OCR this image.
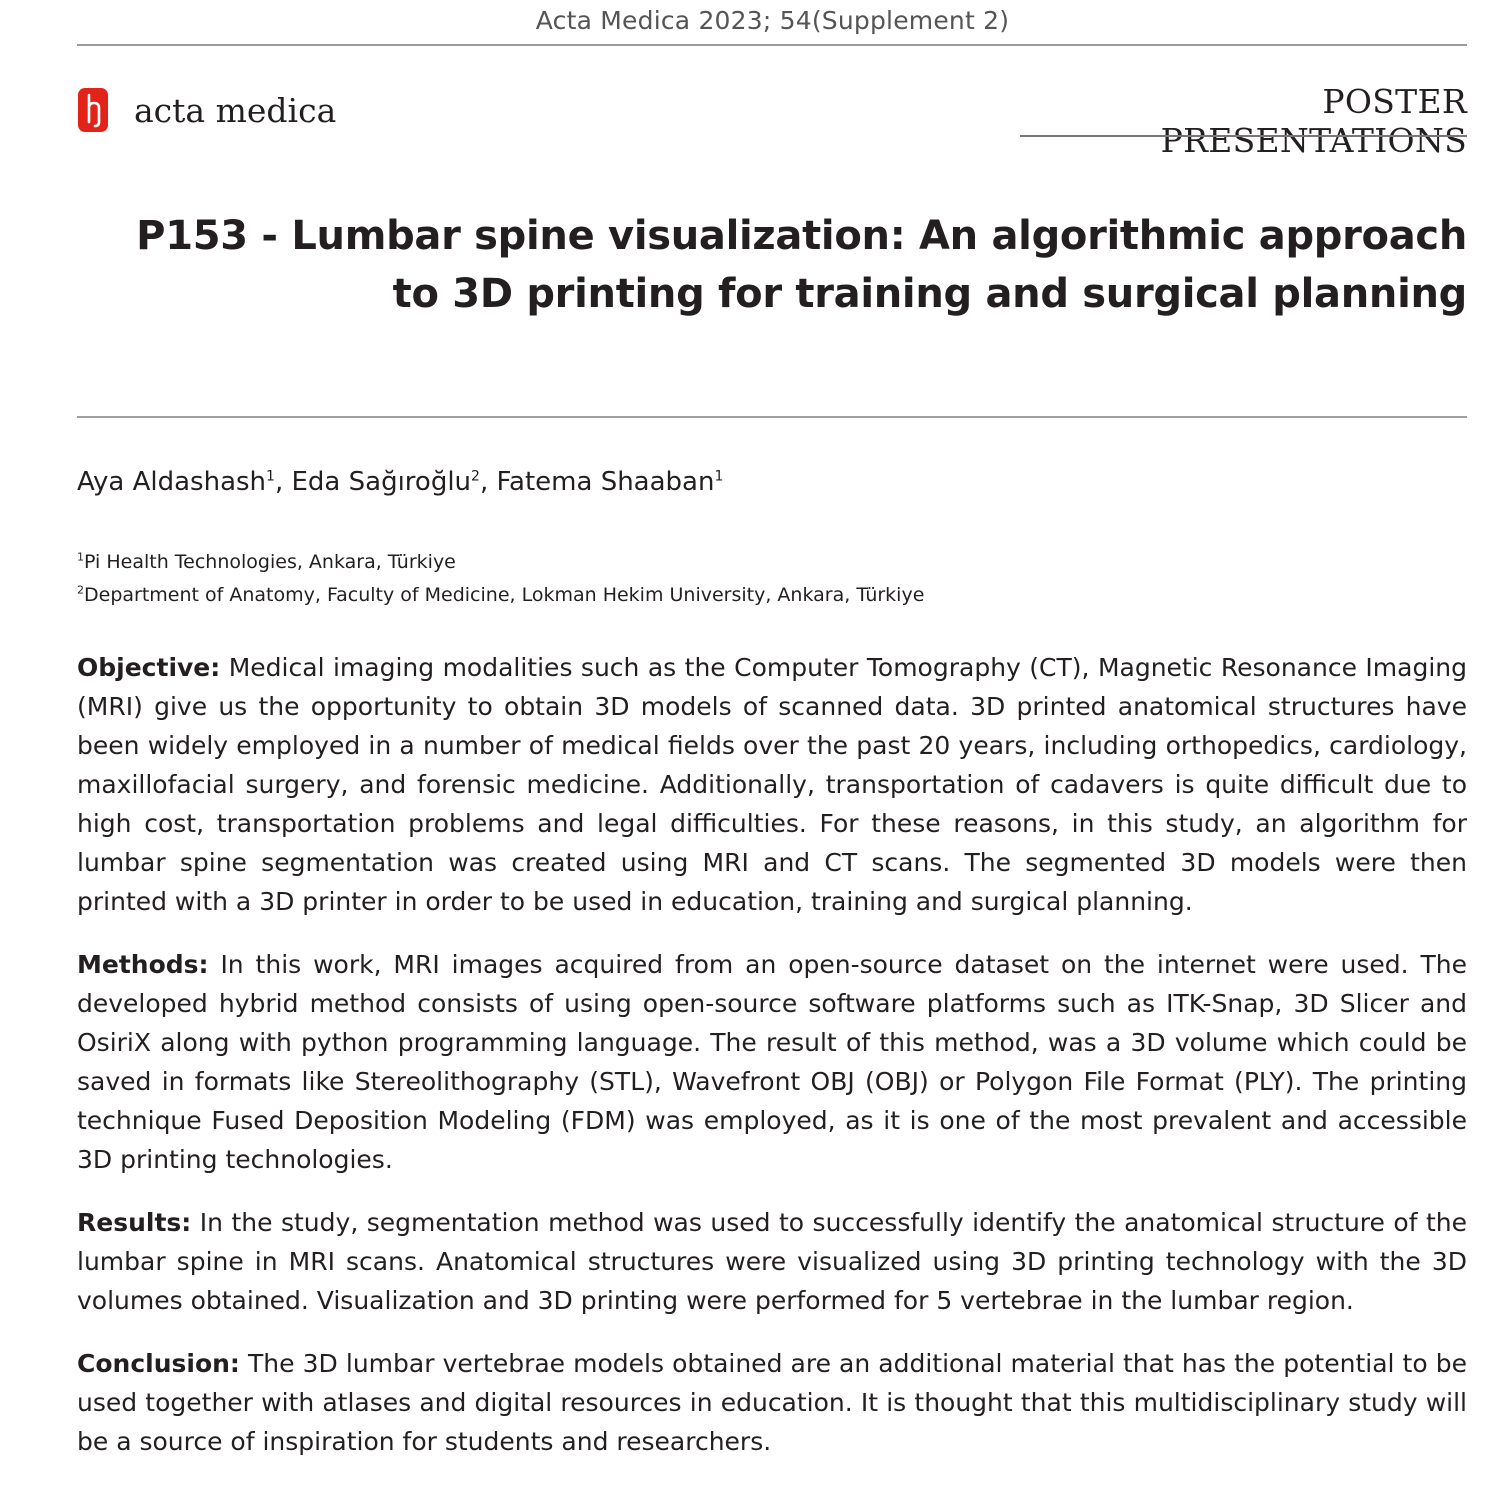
Acta Medica 2023; 54(Supplement 2)
acta medica	POSTER PRESENTATIONS
P153 - Lumbar spine visualization: An algorithmic approach to 3D printing for training and surgical planning
Aya Aldashash$^1$, Eda Sağıroğlu$^2$, Fatema Shaaban$^1$
$^1$Pi Health Technologies, Ankara, Türkiye
$^2$Department of Anatomy, Faculty of Medicine, Lokman Hekim University, Ankara, Türkiye

Objective: Medical imaging modalities such as the Computer Tomography (CT), Magnetic Resonance Imaging (MRI) give us the opportunity to obtain 3D models of scanned data. 3D printed anatomical structures have been widely employed in a number of medical fields over the past 20 years, including orthopedics, cardiology, maxillofacial surgery, and forensic medicine. Additionally, transportation of cadavers is quite difficult due to high cost, transportation problems and legal difficulties. For these reasons, in this study, an algorithm for lumbar spine segmentation was created using MRI and CT scans. The segmented 3D models were then printed with a 3D printer in order to be used in education, training and surgical planning.

Methods: In this work, MRI images acquired from an open-source dataset on the internet were used. The developed hybrid method consists of using open-source software platforms such as ITK-Snap, 3D Slicer and OsiriX along with python programming language. The result of this method, was a 3D volume which could be saved in formats like Stereolithography (STL), Wavefront OBJ (OBJ) or Polygon File Format (PLY). The printing technique Fused Deposition Modeling (FDM) was employed, as it is one of the most prevalent and accessible 3D printing technologies.

Results: In the study, segmentation method was used to successfully identify the anatomical structure of the lumbar spine in MRI scans. Anatomical structures were visualized using 3D printing technology with the 3D volumes obtained. Visualization and 3D printing were performed for 5 vertebrae in the lumbar region.

Conclusion: The 3D lumbar vertebrae models obtained are an additional material that has the potential to be used together with atlases and digital resources in education. It is thought that this multidisciplinary study will be a source of inspiration for students and researchers.
